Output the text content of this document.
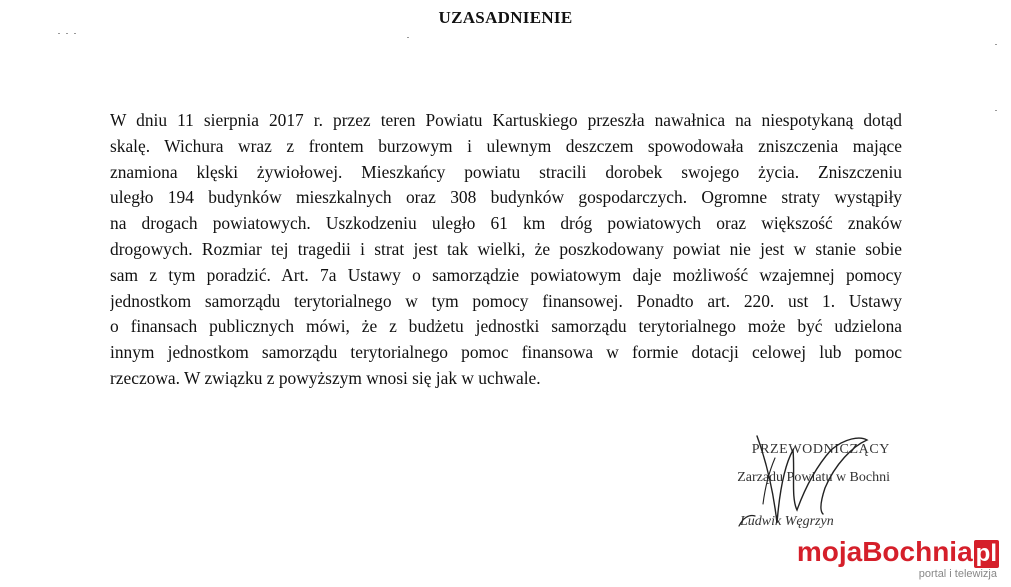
UZASADNIENIE
W dniu 11 sierpnia 2017 r. przez teren Powiatu Kartuskiego przeszła nawałnica na niespotykaną dotąd
skalę. Wichura wraz z frontem burzowym i ulewnym deszczem spowodowała zniszczenia mające
znamiona klęski żywiołowej. Mieszkańcy powiatu stracili dorobek swojego życia. Zniszczeniu
uległo 194 budynków mieszkalnych oraz 308 budynków gospodarczych. Ogromne straty wystąpiły
na drogach powiatowych. Uszkodzeniu uległo 61 km dróg powiatowych oraz większość znaków
drogowych. Rozmiar tej tragedii i strat jest tak wielki, że poszkodowany powiat nie jest w stanie sobie
sam z tym poradzić. Art. 7a Ustawy o samorządzie powiatowym daje możliwość wzajemnej pomocy
jednostkom samorządu terytorialnego w tym pomocy finansowej. Ponadto art. 220. ust 1. Ustawy
o finansach publicznych mówi, że z budżetu jednostki samorządu terytorialnego może być udzielona
innym jednostkom samorządu terytorialnego pomoc finansowa w formie dotacji celowej lub pomoc
rzeczowa. W związku z powyższym wnosi się jak w uchwale.
PRZEWODNICZĄCY
Zarządu Powiatu w Bochni
Ludwik Węgrzyn
mojaBochnia pl
portal i telewizja
